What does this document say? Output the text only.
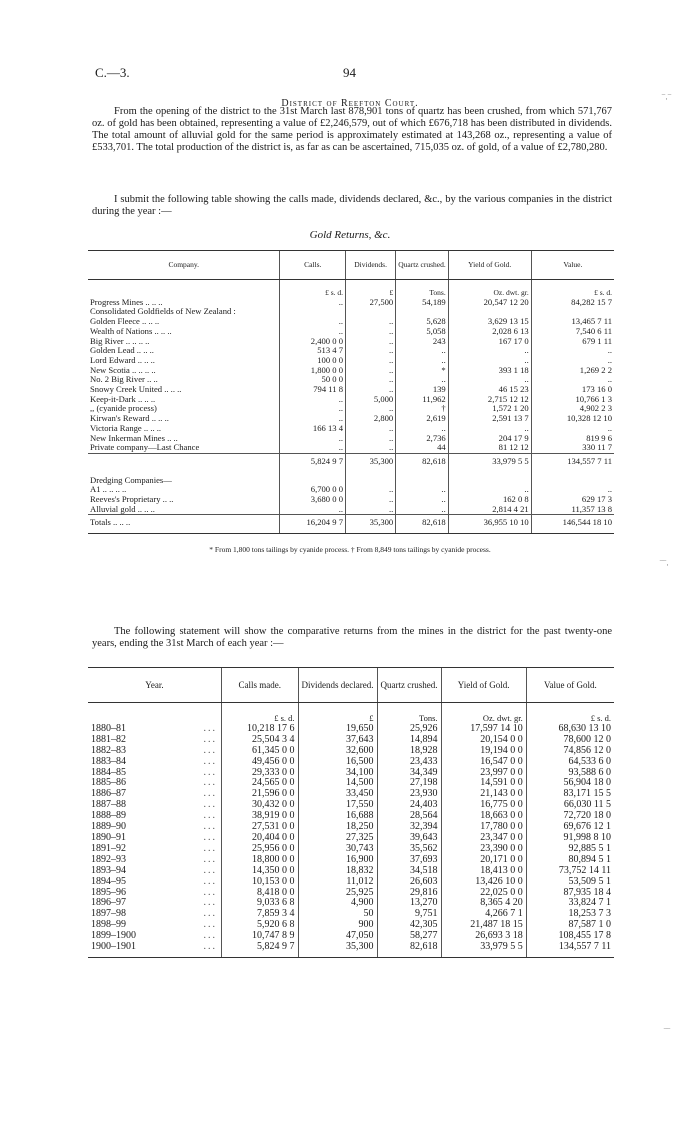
C.—3.	94
District of Reefton Court.

From the opening of the district to the 31st March last 878,901 tons of quartz has been crushed, from which 571,767 oz. of gold has been obtained, representing a value of £2,246,579, out of which £676,718 has been distributed in dividends. The total amount of alluvial gold for the same period is approximately estimated at 143,268 oz., representing a value of £533,701. The total production of the district is, as far as can be ascertained, 715,035 oz. of gold, of a value of £2,780,280.

I submit the following table showing the calls made, dividends declared, &c., by the various companies in the district during the year :—

Gold Returns, &c.
Company.	Calls.	Dividends.	Quartz crushed.	Yield of Gold.	Value.
	£ s. d.	£	Tons.	Oz. dwt. gr.	£ s. d.
Progress Mines .. .. ..	..	27,500	54,189	20,547 12 20	84,282 15 7
Consolidated Goldfields of New Zealand :					
Golden Fleece .. .. ..	..	..	5,628	3,629 13 15	13,465 7 11
Wealth of Nations .. .. ..	..	..	5,058	2,028 6 13	7,540 6 11
Big River .. .. .. ..	2,400 0 0	..	243	167 17 0	679 1 11
Golden Lead .. .. ..	513 4 7	..	..	..	..
Lord Edward .. .. ..	100 0 0	..	..	..	..
New Scotia .. .. .. ..	1,800 0 0	..	*	393 1 18	1,269 2 2
No. 2 Big River .. ..	50 0 0	..	..	..	..
Snowy Creek United .. .. ..	794 11 8	..	139	46 15 23	173 16 0
Keep-it-Dark .. .. ..	..	5,000	11,962	2,715 12 12	10,766 1 3
,, (cyanide process)	..	..	†	1,572 1 20	4,902 2 3
Kirwan's Reward .. .. ..	..	2,800	2,619	2,591 13 7	10,328 12 10
Victoria Range .. .. ..	166 13 4	..	..	..	..
New Inkerman Mines .. ..	..	..	2,736	204 17 9	819 9 6
Private company—Last Chance	..	..	44	81 12 12	330 11 7
	5,824 9 7	35,300	82,618	33,979 5 5	134,557 7 11

Dredging Companies—					
A1 .. .. .. ..	6,700 0 0	..	..	..	..
Reeves's Proprietary .. ..	3,680 0 0	..	..	162 0 8	629 17 3
Alluvial gold .. .. ..	..	..	..	2,814 4 21	11,357 13 8
Totals .. .. ..	16,204 9 7	35,300	82,618	36,955 10 10	146,544 18 10
* From 1,800 tons tailings by cyanide process. † From 8,849 tons tailings by cyanide process.

The following statement will show the comparative returns from the mines in the district for the past twenty-one years, ending the 31st March of each year :—

Year.	Calls made.	Dividends declared.	Quartz crushed.	Yield of Gold.	Value of Gold.
	£ s. d.	£	Tons.	Oz. dwt. gr.	£ s. d.
1880–81 ...	10,218 17 6	19,650	25,926	17,597 14 10	68,630 13 10
1881–82 ...	25,504 3 4	37,643	14,894	20,154 0 0	78,600 12 0
1882–83 ...	61,345 0 0	32,600	18,928	19,194 0 0	74,856 12 0
1883–84 ...	49,456 0 0	16,500	23,433	16,547 0 0	64,533 6 0
1884–85 ...	29,333 0 0	34,100	34,349	23,997 0 0	93,588 6 0
1885–86 ...	24,565 0 0	14,500	27,198	14,591 0 0	56,904 18 0
1886–87 ...	21,596 0 0	33,450	23,930	21,143 0 0	83,171 15 5
1887–88 ...	30,432 0 0	17,550	24,403	16,775 0 0	66,030 11 5
1888–89 ...	38,919 0 0	16,688	28,564	18,663 0 0	72,720 18 0
1889–90 ...	27,531 0 0	18,250	32,394	17,780 0 0	69,676 12 1
1890–91 ...	20,404 0 0	27,325	39,643	23,347 0 0	91,998 8 10
1891–92 ...	25,956 0 0	30,743	35,562	23,390 0 0	92,885 5 1
1892–93 ...	18,800 0 0	16,900	37,693	20,171 0 0	80,894 5 1
1893–94 ...	14,350 0 0	18,832	34,518	18,413 0 0	73,752 14 11
1894–95 ...	10,153 0 0	11,012	26,603	13,426 10 0	53,509 5 1
1895–96 ...	8,418 0 0	25,925	29,816	22,025 0 0	87,935 18 4
1896–97 ...	9,033 6 8	4,900	13,270	8,365 4 20	33,824 7 1
1897–98 ...	7,859 3 4	50	9,751	4,266 7 1	18,253 7 3
1898–99 ...	5,920 6 8	900	42,305	21,487 18 15	87,587 1 0
1899–1900 ...	10,747 8 9	47,050	58,277	26,693 3 18	108,455 17 8
1900–1901 ...	5,824 9 7	35,300	82,618	33,979 5 5	134,557 7 11
‾·‾
‾‾·
‾‾
